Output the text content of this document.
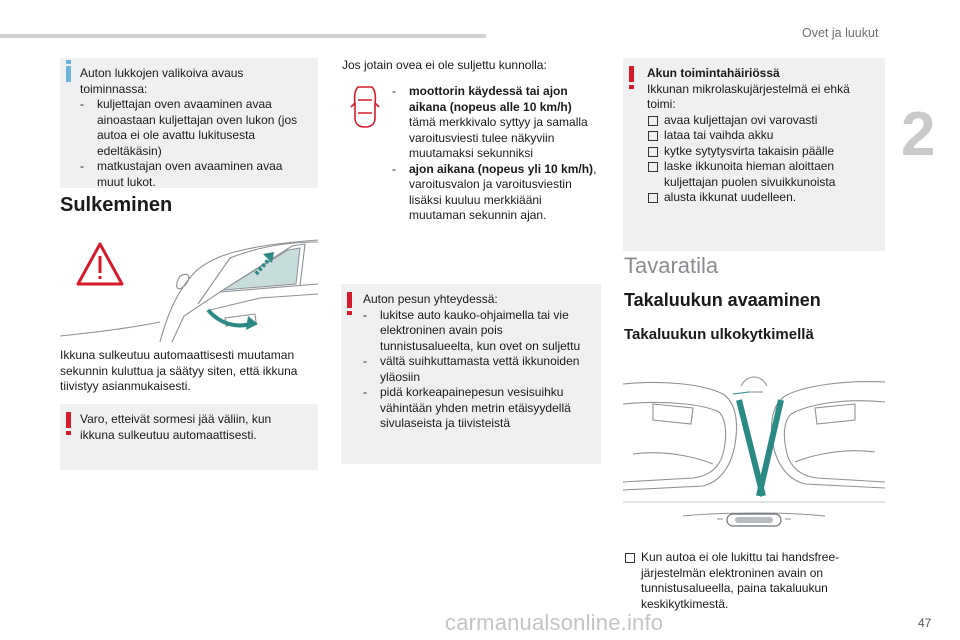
Ovet ja luukut
2
Auton lukkojen valikoiva avaus toiminnassa:
- kuljettajan oven avaaminen avaa ainoastaan kuljettajan oven lukon (jos autoa ei ole avattu lukitusesta edeltäkäsin)
- matkustajan oven avaaminen avaa muut lukot.
Sulkeminen
Ikkuna sulkeutuu automaattisesti muutaman sekunnin kuluttua ja säätyy siten, että ikkuna tiivistyy asianmukaisesti.
Varo, etteivät sormesi jää väliin, kun ikkuna sulkeutuu automaattisesti.
Jos jotain ovea ei ole suljettu kunnolla:
- moottorin käydessä tai ajon aikana (nopeus alle 10 km/h)
tämä merkkivalo syttyy ja samalla varoitusviesti tulee näkyviin muutamaksi sekunniksi
- ajon aikana (nopeus yli 10 km/h), varoitusvalon ja varoitusviestin lisäksi kuuluu merkkiääni muutaman sekunnin ajan.
Auton pesun yhteydessä:
- lukitse auto kauko-ohjaimella tai vie elektroninen avain pois tunnistusalueelta, kun ovet on suljettu
- vältä suihkuttamasta vettä ikkunoiden yläosiin
- pidä korkeapainepesun vesisuihku vähintään yhden metrin etäisyydellä sivulaseista ja tiivisteistä
Akun toimintahäiriössä
Ikkunan mikrolaskujärjestelmä ei ehkä toimi:
avaa kuljettajan ovi varovasti
lataa tai vaihda akku
kytke sytytysvirta takaisin päälle
laske ikkunoita hieman aloittaen kuljettajan puolen sivuikkunoista
alusta ikkunat uudelleen.
Tavaratila
Takaluukun avaaminen
Takaluukun ulkokytkimellä
Kun autoa ei ole lukittu tai handsfree-järjestelmän elektroninen avain on tunnistusalueella, paina takaluukun keskikytkimestä.
carmanualsonline.info	47
